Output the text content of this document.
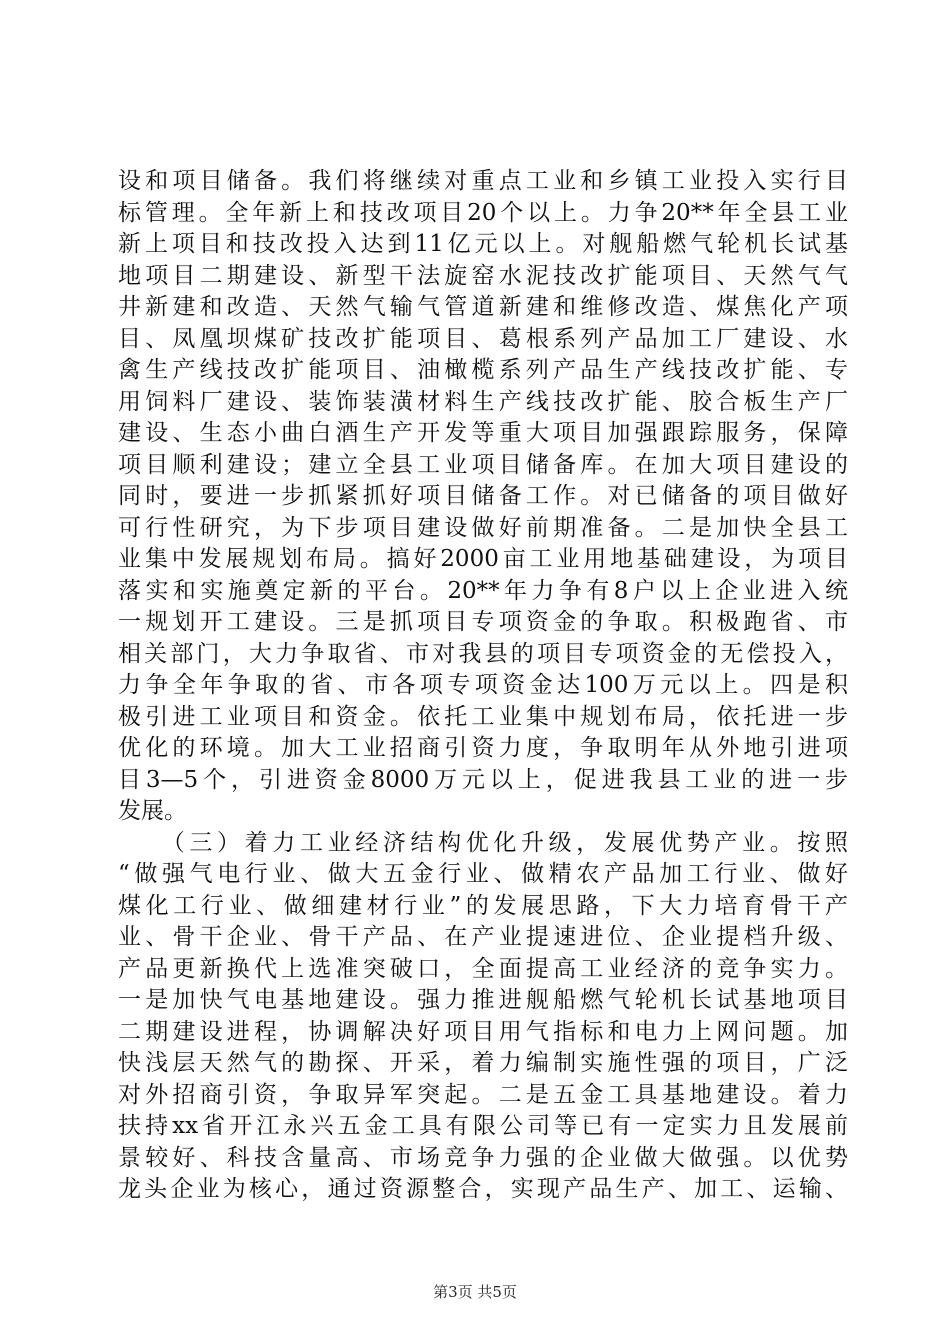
设和项目储备。我们将继续对重点工业和乡镇工业投入实行目
标管理。全年新上和技改项目20个以上。力争20**年全县工业
新上项目和技改投入达到11亿元以上。对舰船燃气轮机长试基
地项目二期建设、新型干法旋窑水泥技改扩能项目、天然气气
井新建和改造、天然气输气管道新建和维修改造、煤焦化产项
目、凤凰坝煤矿技改扩能项目、葛根系列产品加工厂建设、水
禽生产线技改扩能项目、油橄榄系列产品生产线技改扩能、专
用饲料厂建设、装饰装潢材料生产线技改扩能、胶合板生产厂
建设、生态小曲白酒生产开发等重大项目加强跟踪服务，保障
项目顺利建设；建立全县工业项目储备库。在加大项目建设的
同时，要进一步抓紧抓好项目储备工作。对已储备的项目做好
可行性研究，为下步项目建设做好前期准备。二是加快全县工
业集中发展规划布局。搞好2000亩工业用地基础建设，为项目
落实和实施奠定新的平台。20**年力争有8户以上企业进入统
一规划开工建设。三是抓项目专项资金的争取。积极跑省、市
相关部门，大力争取省、市对我县的项目专项资金的无偿投入，
力争全年争取的省、市各项专项资金达100万元以上。四是积
极引进工业项目和资金。依托工业集中规划布局，依托进一步
优化的环境。加大工业招商引资力度，争取明年从外地引进项
目3—5个，引进资金8000万元以上，促进我县工业的进一步
发展。
　　（三）着力工业经济结构优化升级，发展优势产业。按照
“做强气电行业、做大五金行业、做精农产品加工行业、做好
煤化工行业、做细建材行业”的发展思路，下大力培育骨干产
业、骨干企业、骨干产品、在产业提速进位、企业提档升级、
产品更新换代上选准突破口，全面提高工业经济的竞争实力。
一是加快气电基地建设。强力推进舰船燃气轮机长试基地项目
二期建设进程，协调解决好项目用气指标和电力上网问题。加
快浅层天然气的勘探、开采，着力编制实施性强的项目，广泛
对外招商引资，争取异军突起。二是五金工具基地建设。着力
扶持xx省开江永兴五金工具有限公司等已有一定实力且发展前
景较好、科技含量高、市场竞争力强的企业做大做强。以优势
龙头企业为核心，通过资源整合，实现产品生产、加工、运输、
第3页 共5页
